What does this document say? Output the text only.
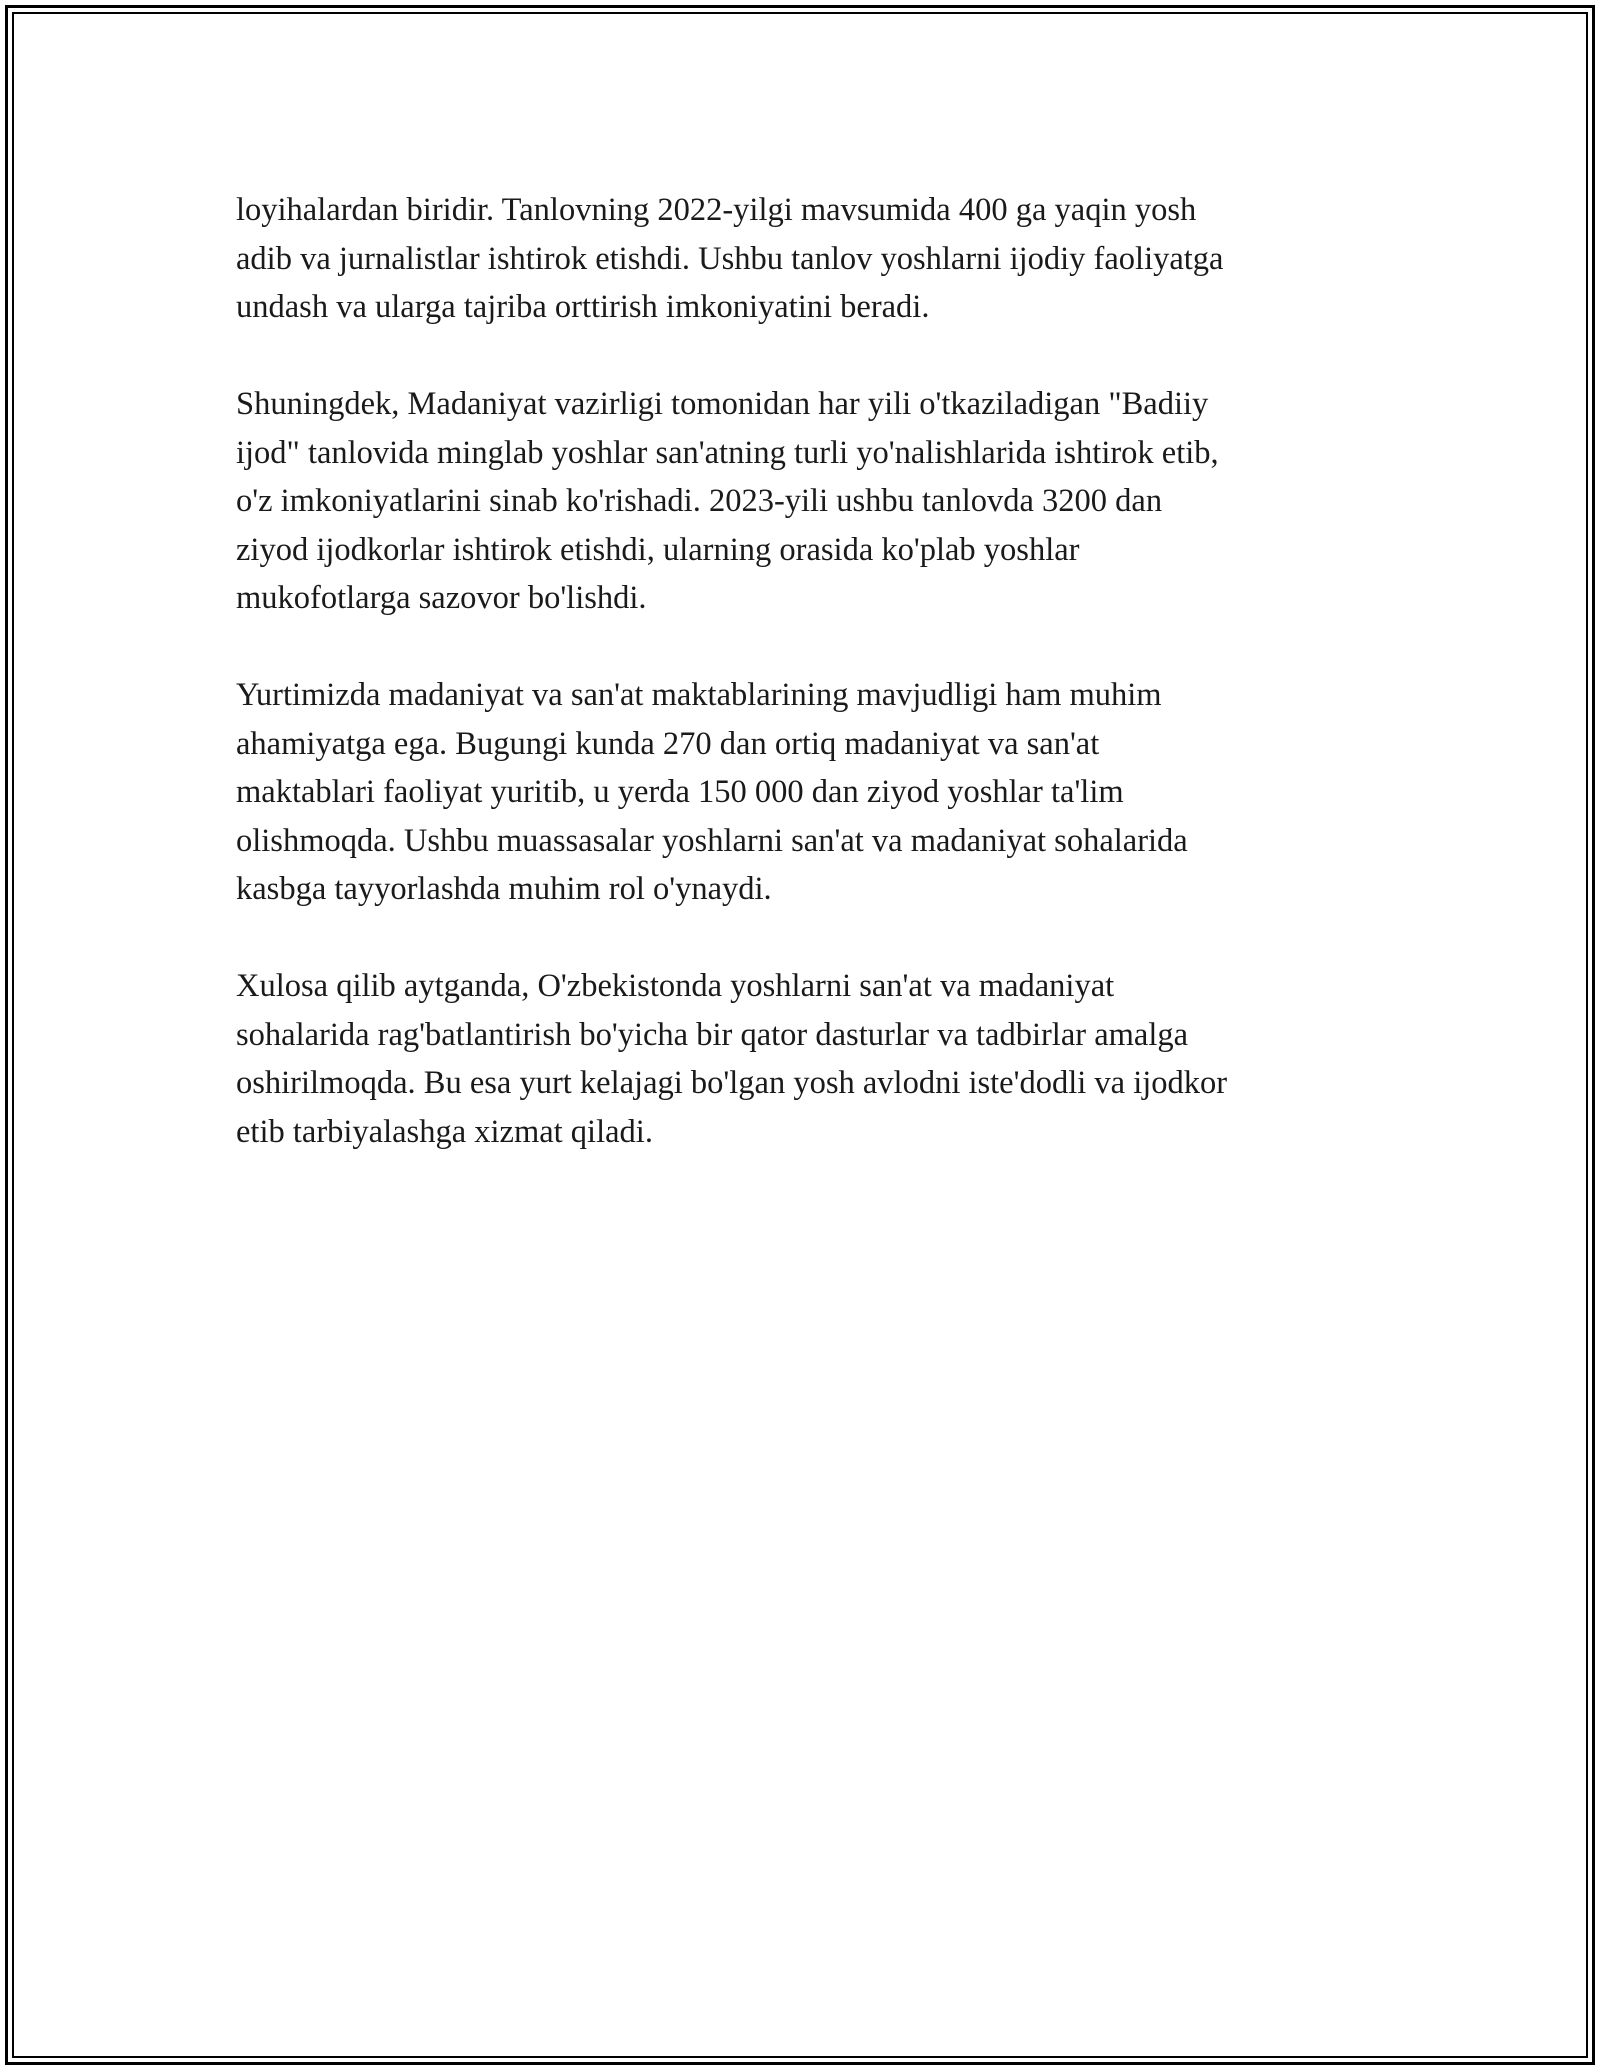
loyihalardan biridir. Tanlovning 2022-yilgi mavsumida 400 ga yaqin yosh
adib va jurnalistlar ishtirok etishdi. Ushbu tanlov yoshlarni ijodiy faoliyatga
undash va ularga tajriba orttirish imkoniyatini beradi.

Shuningdek, Madaniyat vazirligi tomonidan har yili o'tkaziladigan "Badiiy
ijod" tanlovida minglab yoshlar san'atning turli yo'nalishlarida ishtirok etib,
o'z imkoniyatlarini sinab ko'rishadi. 2023-yili ushbu tanlovda 3200 dan
ziyod ijodkorlar ishtirok etishdi, ularning orasida ko'plab yoshlar
mukofotlarga sazovor bo'lishdi.

Yurtimizda madaniyat va san'at maktablarining mavjudligi ham muhim
ahamiyatga ega. Bugungi kunda 270 dan ortiq madaniyat va san'at
maktablari faoliyat yuritib, u yerda 150 000 dan ziyod yoshlar ta'lim
olishmoqda. Ushbu muassasalar yoshlarni san'at va madaniyat sohalarida
kasbga tayyorlashda muhim rol o'ynaydi.

Xulosa qilib aytganda, O'zbekistonda yoshlarni san'at va madaniyat
sohalarida rag'batlantirish bo'yicha bir qator dasturlar va tadbirlar amalga
oshirilmoqda. Bu esa yurt kelajagi bo'lgan yosh avlodni iste'dodli va ijodkor
etib tarbiyalashga xizmat qiladi.
